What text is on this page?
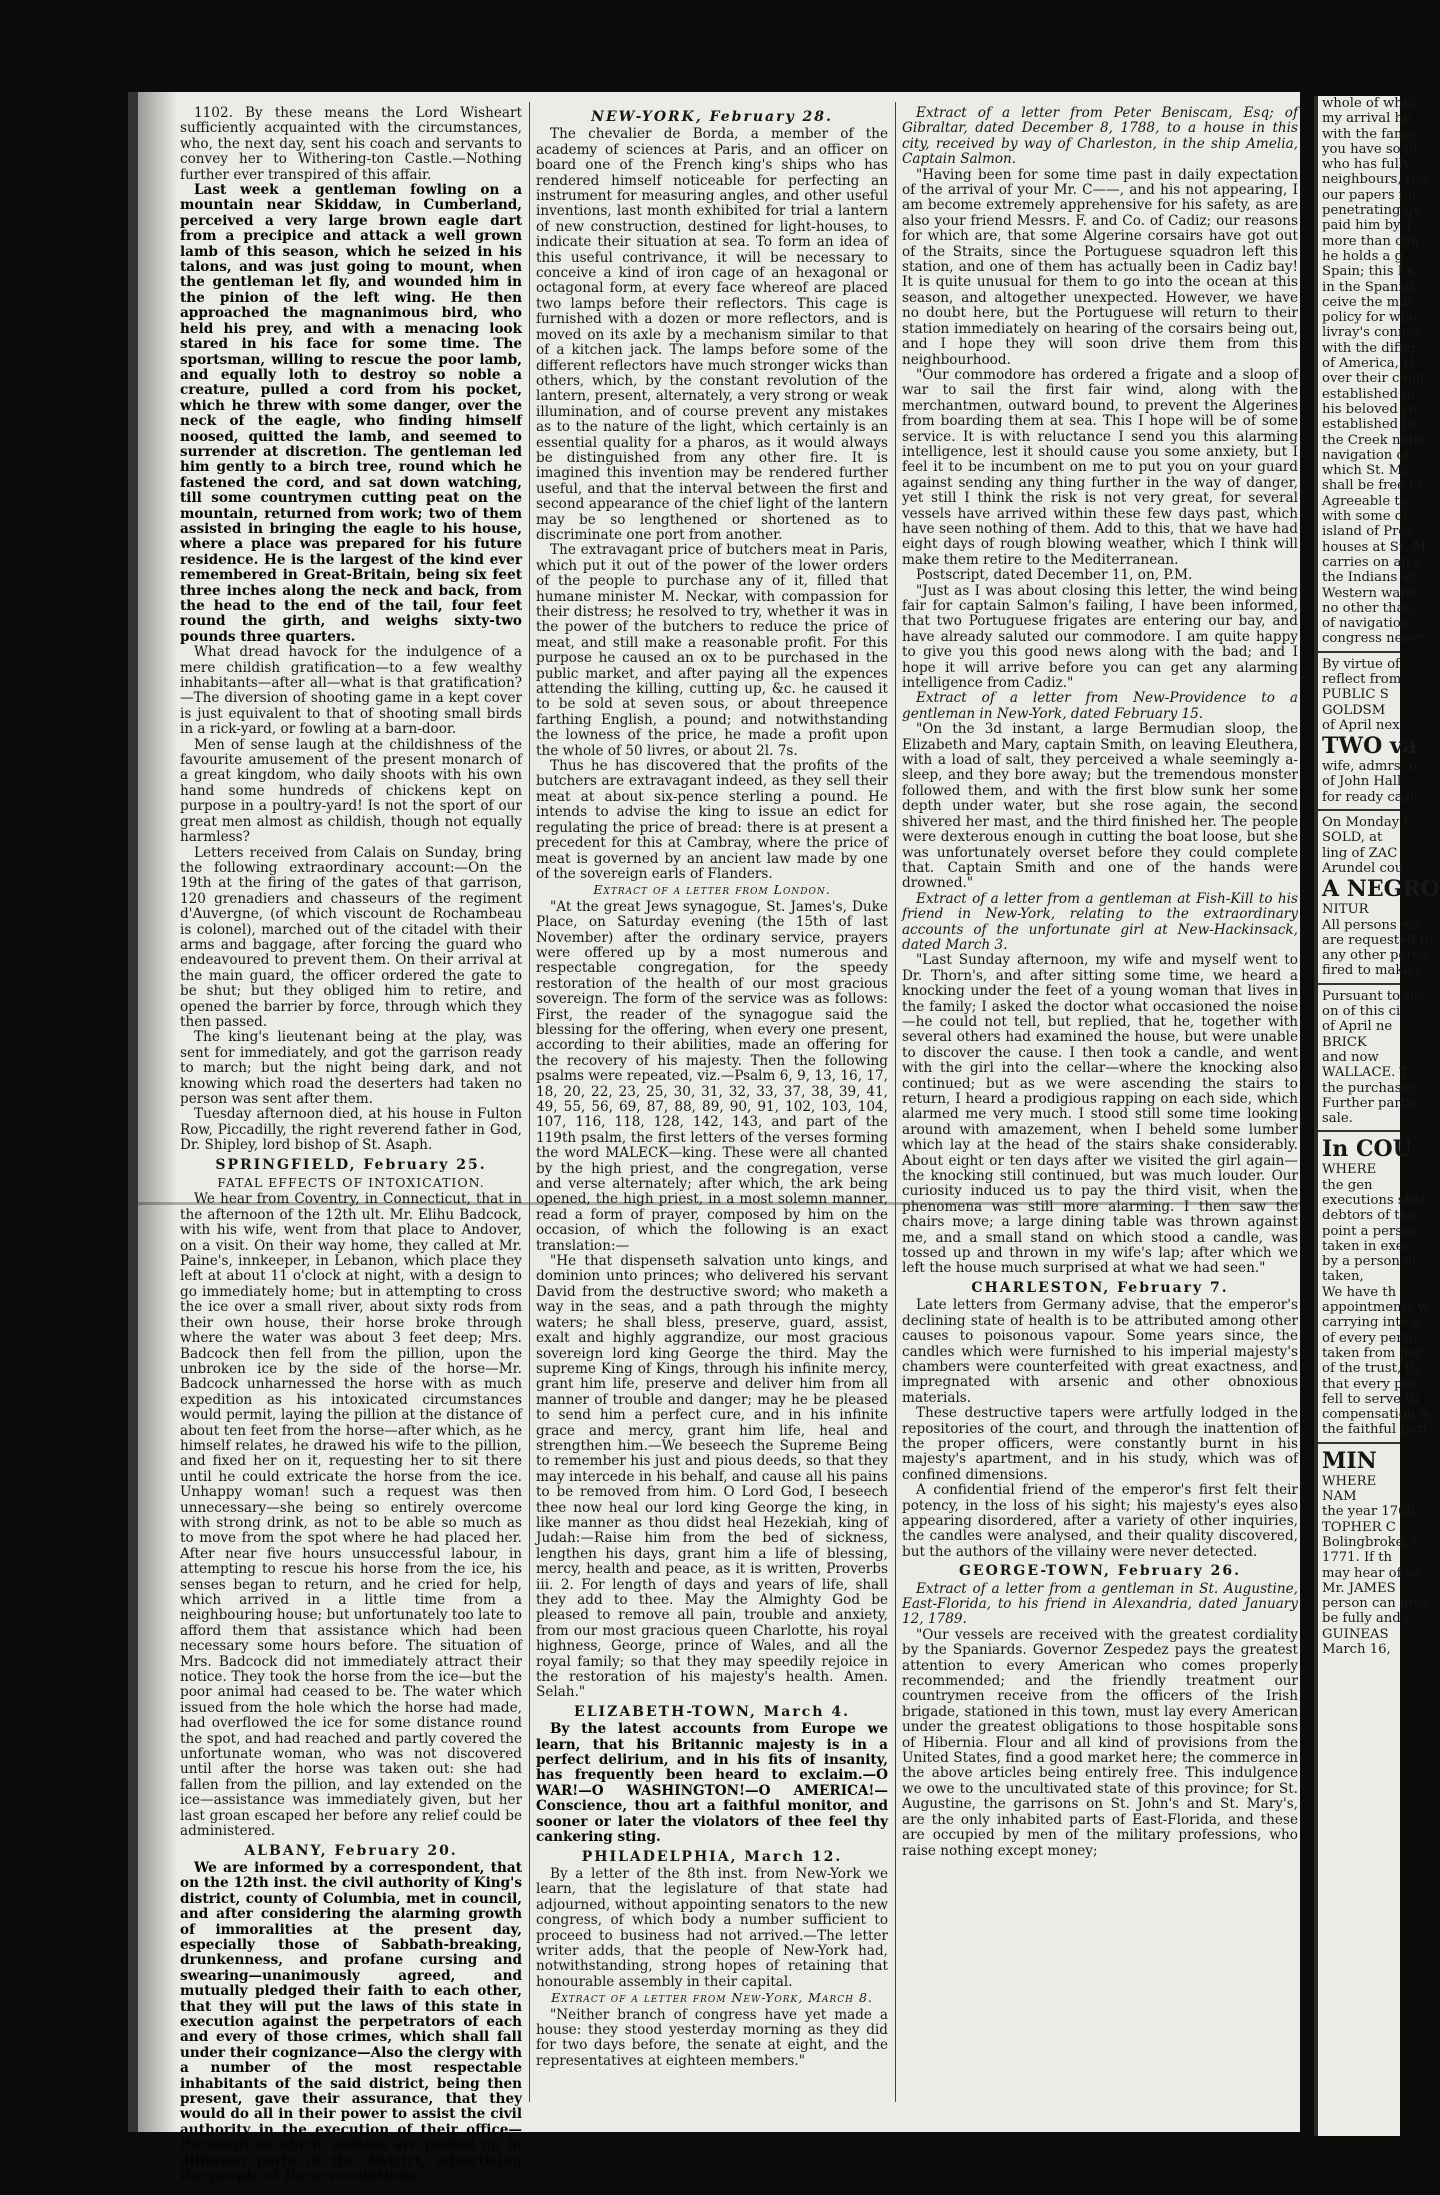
1102. By these means the Lord Wisheart sufficiently acquainted with the circumstances, who, the next day, sent his coach and servants to convey her to Withering-ton Castle.—Nothing further ever transpired of this affair.

Last week a gentleman fowling on a mountain near Skiddaw, in Cumberland, perceived a very large brown eagle dart from a precipice and attack a well grown lamb of this season, which he seized in his talons, and was just going to mount, when the gentleman let fly, and wounded him in the pinion of the left wing. He then approached the magnanimous bird, who held his prey, and with a menacing look stared in his face for some time. The sportsman, willing to rescue the poor lamb, and equally loth to destroy so noble a creature, pulled a cord from his pocket, which he threw with some danger, over the neck of the eagle, who finding himself noosed, quitted the lamb, and seemed to surrender at discretion. The gentleman led him gently to a birch tree, round which he fastened the cord, and sat down watching, till some countrymen cutting peat on the mountain, returned from work; two of them assisted in bringing the eagle to his house, where a place was prepared for his future residence. He is the largest of the kind ever remembered in Great-Britain, being six feet three inches along the neck and back, from the head to the end of the tail, four feet round the girth, and weighs sixty-two pounds three quarters.

What dread havock for the indulgence of a mere childish gratification—to a few wealthy inhabitants—after all—what is that gratification?—The diversion of shooting game in a kept cover is just equivalent to that of shooting small birds in a rick-yard, or fowling at a barn-door.

Men of sense laugh at the childishness of the favourite amusement of the present monarch of a great kingdom, who daily shoots with his own hand some hundreds of chickens kept on purpose in a poultry-yard! Is not the sport of our great men almost as childish, though not equally harmless?

Letters received from Calais on Sunday, bring the following extraordinary account:—On the 19th at the firing of the gates of that garrison, 120 grenadiers and chasseurs of the regiment d'Auvergne, (of which viscount de Rochambeau is colonel), marched out of the citadel with their arms and baggage, after forcing the guard who endeavoured to prevent them. On their arrival at the main guard, the officer ordered the gate to be shut; but they obliged him to retire, and opened the barrier by force, through which they then passed.

The king's lieutenant being at the play, was sent for immediately, and got the garrison ready to march; but the night being dark, and not knowing which road the deserters had taken no person was sent after them.

Tuesday afternoon died, at his house in Fulton Row, Piccadilly, the right reverend father in God, Dr. Shipley, lord bishop of St. Asaph.

SPRINGFIELD, February 25.
FATAL EFFECTS OF INTOXICATION.

We hear from Coventry, in Connecticut, that in the afternoon of the 12th ult. Mr. Elihu Badcock, with his wife, went from that place to Andover, on a visit. On their way home, they called at Mr. Paine's, innkeeper, in Lebanon, which place they left at about 11 o'clock at night, with a design to go immediately home; but in attempting to cross the ice over a small river, about sixty rods from their own house, their horse broke through where the water was about 3 feet deep; Mrs. Badcock then fell from the pillion, upon the unbroken ice by the side of the horse—Mr. Badcock unharnessed the horse with as much expedition as his intoxicated circumstances would permit, laying the pillion at the distance of about ten feet from the horse—after which, as he himself relates, he drawed his wife to the pillion, and fixed her on it, requesting her to sit there until he could extricate the horse from the ice. Unhappy woman! such a request was then unnecessary—she being so entirely overcome with strong drink, as not to be able so much as to move from the spot where he had placed her. After near five hours unsuccessful labour, in attempting to rescue his horse from the ice, his senses began to return, and he cried for help, which arrived in a little time from a neighbouring house; but unfortunately too late to afford them that assistance which had been necessary some hours before. The situation of Mrs. Badcock did not immediately attract their notice. They took the horse from the ice—but the poor animal had ceased to be. The water which issued from the hole which the horse had made, had overflowed the ice for some distance round the spot, and had reached and partly covered the unfortunate woman, who was not discovered until after the horse was taken out: she had fallen from the pillion, and lay extended on the ice—assistance was immediately given, but her last groan escaped her before any relief could be administered.

ALBANY, February 20.

We are informed by a correspondent, that on the 12th inst. the civil authority of King's district, county of Columbia, met in council, and after considering the alarming growth of immoralities at the present day, especially those of Sabbath-breaking, drunkenness, and profane cursing and swearing—unanimously agreed, and mutually pledged their faith to each other, that they will put the laws of this state in execution against the perpetrators of each and every of those crimes, which shall fall under their cognizance—Also the clergy with a number of the most respectable inhabitants of the said district, being then present, gave their assurance, that they would do all in their power to assist the civil authority in the execution of their office—Pursuant to which, notices are posted up in different parts of the district, advertising the people of these resolutions.

NEW-YORK, February 28.

The chevalier de Borda, a member of the academy of sciences at Paris, and an officer on board one of the French king's ships who has rendered himself noticeable for perfecting an instrument for measuring angles, and other useful inventions, last month exhibited for trial a lantern of new construction, destined for light-houses, to indicate their situation at sea. To form an idea of this useful contrivance, it will be necessary to conceive a kind of iron cage of an hexagonal or octagonal form, at every face whereof are placed two lamps before their reflectors. This cage is furnished with a dozen or more reflectors, and is moved on its axle by a mechanism similar to that of a kitchen jack. The lamps before some of the different reflectors have much stronger wicks than others, which, by the constant revolution of the lantern, present, alternately, a very strong or weak illumination, and of course prevent any mistakes as to the nature of the light, which certainly is an essential quality for a pharos, as it would always be distinguished from any other fire. It is imagined this invention may be rendered further useful, and that the interval between the first and second appearance of the chief light of the lantern may be so lengthened or shortened as to discriminate one port from another.

The extravagant price of butchers meat in Paris, which put it out of the power of the lower orders of the people to purchase any of it, filled that humane minister M. Neckar, with compassion for their distress; he resolved to try, whether it was in the power of the butchers to reduce the price of meat, and still make a reasonable profit. For this purpose he caused an ox to be purchased in the public market, and after paying all the expences attending the killing, cutting up, &c. he caused it to be sold at seven sous, or about threepence farthing English, a pound; and notwithstanding the lowness of the price, he made a profit upon the whole of 50 livres, or about 2l. 7s.

Thus he has discovered that the profits of the butchers are extravagant indeed, as they sell their meat at about six-pence sterling a pound. He intends to advise the king to issue an edict for regulating the price of bread: there is at present a precedent for this at Cambray, where the price of meat is governed by an ancient law made by one of the sovereign earls of Flanders.

Extract of a letter from London.

"At the great Jews synagogue, St. James's, Duke Place, on Saturday evening (the 15th of last November) after the ordinary service, prayers were offered up by a most numerous and respectable congregation, for the speedy restoration of the health of our most gracious sovereign. The form of the service was as follows: First, the reader of the synagogue said the blessing for the offering, when every one present, according to their abilities, made an offering for the recovery of his majesty. Then the following psalms were repeated, viz.—Psalm 6, 9, 13, 16, 17, 18, 20, 22, 23, 25, 30, 31, 32, 33, 37, 38, 39, 41, 49, 55, 56, 69, 87, 88, 89, 90, 91, 102, 103, 104, 107, 116, 118, 128, 142, 143, and part of the 119th psalm, the first letters of the verses forming the word MALECK—king. These were all chanted by the high priest, and the congregation, verse and verse alternately; after which, the ark being opened, the high priest, in a most solemn manner, read a form of prayer, composed by him on the occasion, of which the following is an exact translation:—

"He that dispenseth salvation unto kings, and dominion unto princes; who delivered his servant David from the destructive sword; who maketh a way in the seas, and a path through the mighty waters; he shall bless, preserve, guard, assist, exalt and highly aggrandize, our most gracious sovereign lord king George the third. May the supreme King of Kings, through his infinite mercy, grant him life, preserve and deliver him from all manner of trouble and danger; may he be pleased to send him a perfect cure, and in his infinite grace and mercy, grant him life, heal and strengthen him.—We beseech the Supreme Being to remember his just and pious deeds, so that they may intercede in his behalf, and cause all his pains to be removed from him. O Lord God, I beseech thee now heal our lord king George the king, in like manner as thou didst heal Hezekiah, king of Judah:—Raise him from the bed of sickness, lengthen his days, grant him a life of blessing, mercy, health and peace, as it is written, Proverbs iii. 2. For length of days and years of life, shall they add to thee. May the Almighty God be pleased to remove all pain, trouble and anxiety, from our most gracious queen Charlotte, his royal highness, George, prince of Wales, and all the royal family; so that they may speedily rejoice in the restoration of his majesty's health. Amen. Selah."

ELIZABETH-TOWN, March 4.

By the latest accounts from Europe we learn, that his Britannic majesty is in a perfect delirium, and in his fits of insanity, has frequently been heard to exclaim.—O WAR!—O WASHINGTON!—O AMERICA!—Conscience, thou art a faithful monitor, and sooner or later the violators of thee feel thy cankering sting.

PHILADELPHIA, March 12.

By a letter of the 8th inst. from New-York we learn, that the legislature of that state had adjourned, without appointing senators to the new congress, of which body a number sufficient to proceed to business had not arrived.—The letter writer adds, that the people of New-York had, notwithstanding, strong hopes of retaining that honourable assembly in their capital.

Extract of a letter from New-York, March 8.

"Neither branch of congress have yet made a house: they stood yesterday morning as they did for two days before, the senate at eight, and the representatives at eighteen members."

Extract of a letter from Peter Beniscam, Esq; of Gibraltar, dated December 8, 1788, to a house in this city, received by way of Charleston, in the ship Amelia, Captain Salmon.

"Having been for some time past in daily expectation of the arrival of your Mr. C——, and his not appearing, I am become extremely apprehensive for his safety, as are also your friend Messrs. F. and Co. of Cadiz; our reasons for which are, that some Algerine corsairs have got out of the Straits, since the Portuguese squadron left this station, and one of them has actually been in Cadiz bay! It is quite unusual for them to go into the ocean at this season, and altogether unexpected. However, we have no doubt here, but the Portuguese will return to their station immediately on hearing of the corsairs being out, and I hope they will soon drive them from this neighbourhood.

"Our commodore has ordered a frigate and a sloop of war to sail the first fair wind, along with the merchantmen, outward bound, to prevent the Algerines from boarding them at sea. This I hope will be of some service. It is with reluctance I send you this alarming intelligence, lest it should cause you some anxiety, but I feel it to be incumbent on me to put you on your guard against sending any thing further in the way of danger, yet still I think the risk is not very great, for several vessels have arrived within these few days past, which have seen nothing of them. Add to this, that we have had eight days of rough blowing weather, which I think will make them retire to the Mediterranean.

Postscript, dated December 11, on, P.M.

"Just as I was about closing this letter, the wind being fair for captain Salmon's failing, I have been informed, that two Portuguese frigates are entering our bay, and have already saluted our commodore. I am quite happy to give you this good news along with the bad; and I hope it will arrive before you can get any alarming intelligence from Cadiz."

Extract of a letter from New-Providence to a gentleman in New-York, dated February 15.

"On the 3d instant, a large Bermudian sloop, the Elizabeth and Mary, captain Smith, on leaving Eleuthera, with a load of salt, they perceived a whale seemingly a-sleep, and they bore away; but the tremendous monster followed them, and with the first blow sunk her some depth under water, but she rose again, the second shivered her mast, and the third finished her. The people were dexterous enough in cutting the boat loose, but she was unfortunately overset before they could complete that. Captain Smith and one of the hands were drowned."

Extract of a letter from a gentleman at Fish-Kill to his friend in New-York, relating to the extraordinary accounts of the unfortunate girl at New-Hackinsack, dated March 3.

"Last Sunday afternoon, my wife and myself went to Dr. Thorn's, and after sitting some time, we heard a knocking under the feet of a young woman that lives in the family; I asked the doctor what occasioned the noise—he could not tell, but replied, that he, together with several others had examined the house, but were unable to discover the cause. I then took a candle, and went with the girl into the cellar—where the knocking also continued; but as we were ascending the stairs to return, I heard a prodigious rapping on each side, which alarmed me very much. I stood still some time looking around with amazement, when I beheld some lumber which lay at the head of the stairs shake considerably. About eight or ten days after we visited the girl again—the knocking still continued, but was much louder. Our curiosity induced us to pay the third visit, when the phenomena was still more alarming. I then saw the chairs move; a large dining table was thrown against me, and a small stand on which stood a candle, was tossed up and thrown in my wife's lap; after which we left the house much surprised at what we had seen."

CHARLESTON, February 7.

Late letters from Germany advise, that the emperor's declining state of health is to be attributed among other causes to poisonous vapour. Some years since, the candles which were furnished to his imperial majesty's chambers were counterfeited with great exactness, and impregnated with arsenic and other obnoxious materials.

These destructive tapers were artfully lodged in the repositories of the court, and through the inattention of the proper officers, were constantly burnt in his majesty's apartment, and in his study, which was of confined dimensions.

A confidential friend of the emperor's first felt their potency, in the loss of his sight; his majesty's eyes also appearing disordered, after a variety of other inquiries, the candles were analysed, and their quality discovered, but the authors of the villainy were never detected.

GEORGE-TOWN, February 26.

Extract of a letter from a gentleman in St. Augustine, East-Florida, to his friend in Alexandria, dated January 12, 1789.

"Our vessels are received with the greatest cordiality by the Spaniards. Governor Zespedez pays the greatest attention to every American who comes properly recommended; and the friendly treatment our countrymen receive from the officers of the Irish brigade, stationed in this town, must lay every American under the greatest obligations to those hospitable sons of Hibernia. Flour and all kind of provisions from the United States, find a good market here; the commerce in the above articles being entirely free. This indulgence we owe to the uncultivated state of this province; for St. Augustine, the garrisons on St. John's and St. Mary's, are the only inhabited parts of East-Florida, and these are occupied by men of the military professions, who raise nothing except money;

whole of whic
my arrival he
with the famo
you have so of
who has fully
neighbours, the
our papers for
penetrating ge
paid him by T
more than con
he holds a g
Spain; this I s
in the Spanish
ceive the mili
policy for who
livray's connex
with the differ
of America, H
over their coun
established in
his beloved co
established be
the Creek natio
navigation of
which St. Ma
shall be free fo
Agreeable to
with some of
island of Prov
houses at St. M
carries on an e
the Indians an
Western water
no other than
of navigation
congress never
By virtue of
reflect from
PUBLIC S
GOLDSM
of April nex
TWO va
wife, admrs. o
of John Hall.
for ready cash
On Monday t
SOLD, at
ling of ZAC
Arundel cou
A NEGRO
NITUR
All persons wh
are requested to
any other perso
fired to make i
Pursuant to the
on of this ci
of April ne
BRICK
and now
WALLACE. T
the purchaser,
Further partic
sale.
In COU
WHERE
the gen
executions shal
debtors of this
point a person
taken in exec
by a person of
taken,
We have th
appointments w
carrying into e
of every perso
taken from per
of the trust, th
that every per
fell to serve th
compensation w
the faithful perf
MIN
WHERE
NAM
the year 1768,
TOPHER C
Bolingbroke, i
1771. If th
may hear of so
Mr. JAMES
person can give
be fully and c
GUINEAS
March 16,
